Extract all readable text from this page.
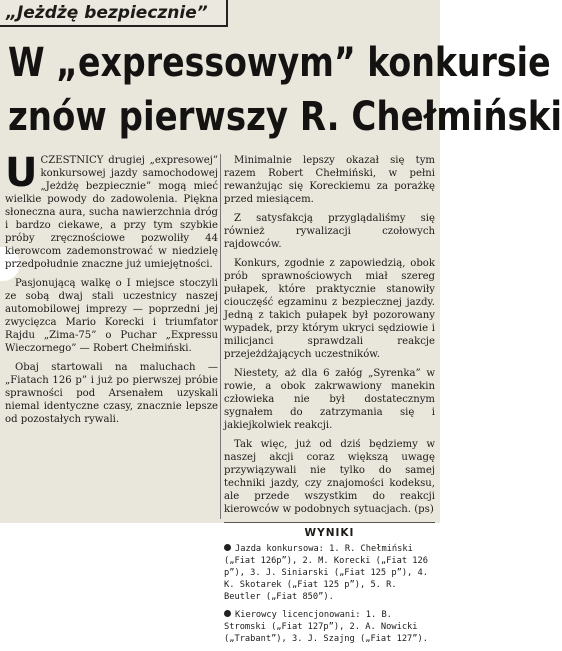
„Jeżdżę bezpiecznie”
W „expressowym” konkursie
znów pierwszy R. Chełmiński

UCZESTNICY drugiej „expresowej” konkursowej jazdy samochodowej „Jeżdżę bezpiecznie” mogą mieć wielkie powody do zadowolenia. Piękna słoneczna aura, sucha nawierzchnia dróg i bardzo ciekawe, a przy tym szybkie próby zręcznościowe pozwoliły 44 kierowcom zademonstrować w niedzielę przedpołudnie znaczne już umiejętności.

Pasjonującą walkę o I miejsce stoczyli ze sobą dwaj stali uczestnicy naszej automobilowej imprezy — poprzedni jej zwycięzca Mario Korecki i triumfator Rajdu „Zima-75” o Puchar „Expressu Wieczornego” — Robert Chełmiński.

Obaj startowali na maluchach — „Fiatach 126 p” i już po pierwszej próbie sprawności pod Arsenałem uzyskali niemal identyczne czasy, znacznie lepsze od pozostałych rywali.

Minimalnie lepszy okazał się tym razem Robert Chełmiński, w pełni rewanżując się Koreckiemu za porażkę przed miesiącem.

Z satysfakcją przyglądaliśmy się również rywalizacji czołowych rajdowców.

Konkurs, zgodnie z zapowiedzią, obok prób sprawnościowych miał szereg pułapek, które praktycznie stanowiły ciouczęść egzaminu z bezpiecznej jazdy. Jedną z takich pułapek był pozorowany wypadek, przy którym ukryci sędziowie i milicjanci sprawdzali reakcje przejeżdżających uczestników.

Niestety, aż dla 6 załóg „Syrenka” w rowie, a obok zakrwawiony manekin człowieka nie był dostatecznym sygnałem do zatrzymania się i jakiejkolwiek reakcji.

Tak więc, już od dziś będziemy w naszej akcji coraz większą uwagę przywiązywali nie tylko do samej techniki jazdy, czy znajomości kodeksu, ale przede wszystkim do reakcji kierowców w podobnych sytuacjach. (ps)

WYNIKI

Jazda konkursowa: 1. R. Chełmiński („Fiat 126p”), 2. M. Korecki („Fiat 126 p”), 3. J. Siniarski („Fiat 125 p”), 4. K. Skotarek („Fiat 125 p”), 5. R. Beutler („Fiat 850”).

Kierowcy licencjonowani: 1. B. Stromski („Fiat 127p”), 2. A. Nowicki („Trabant”), 3. J. Szajng („Fiat 127”).
